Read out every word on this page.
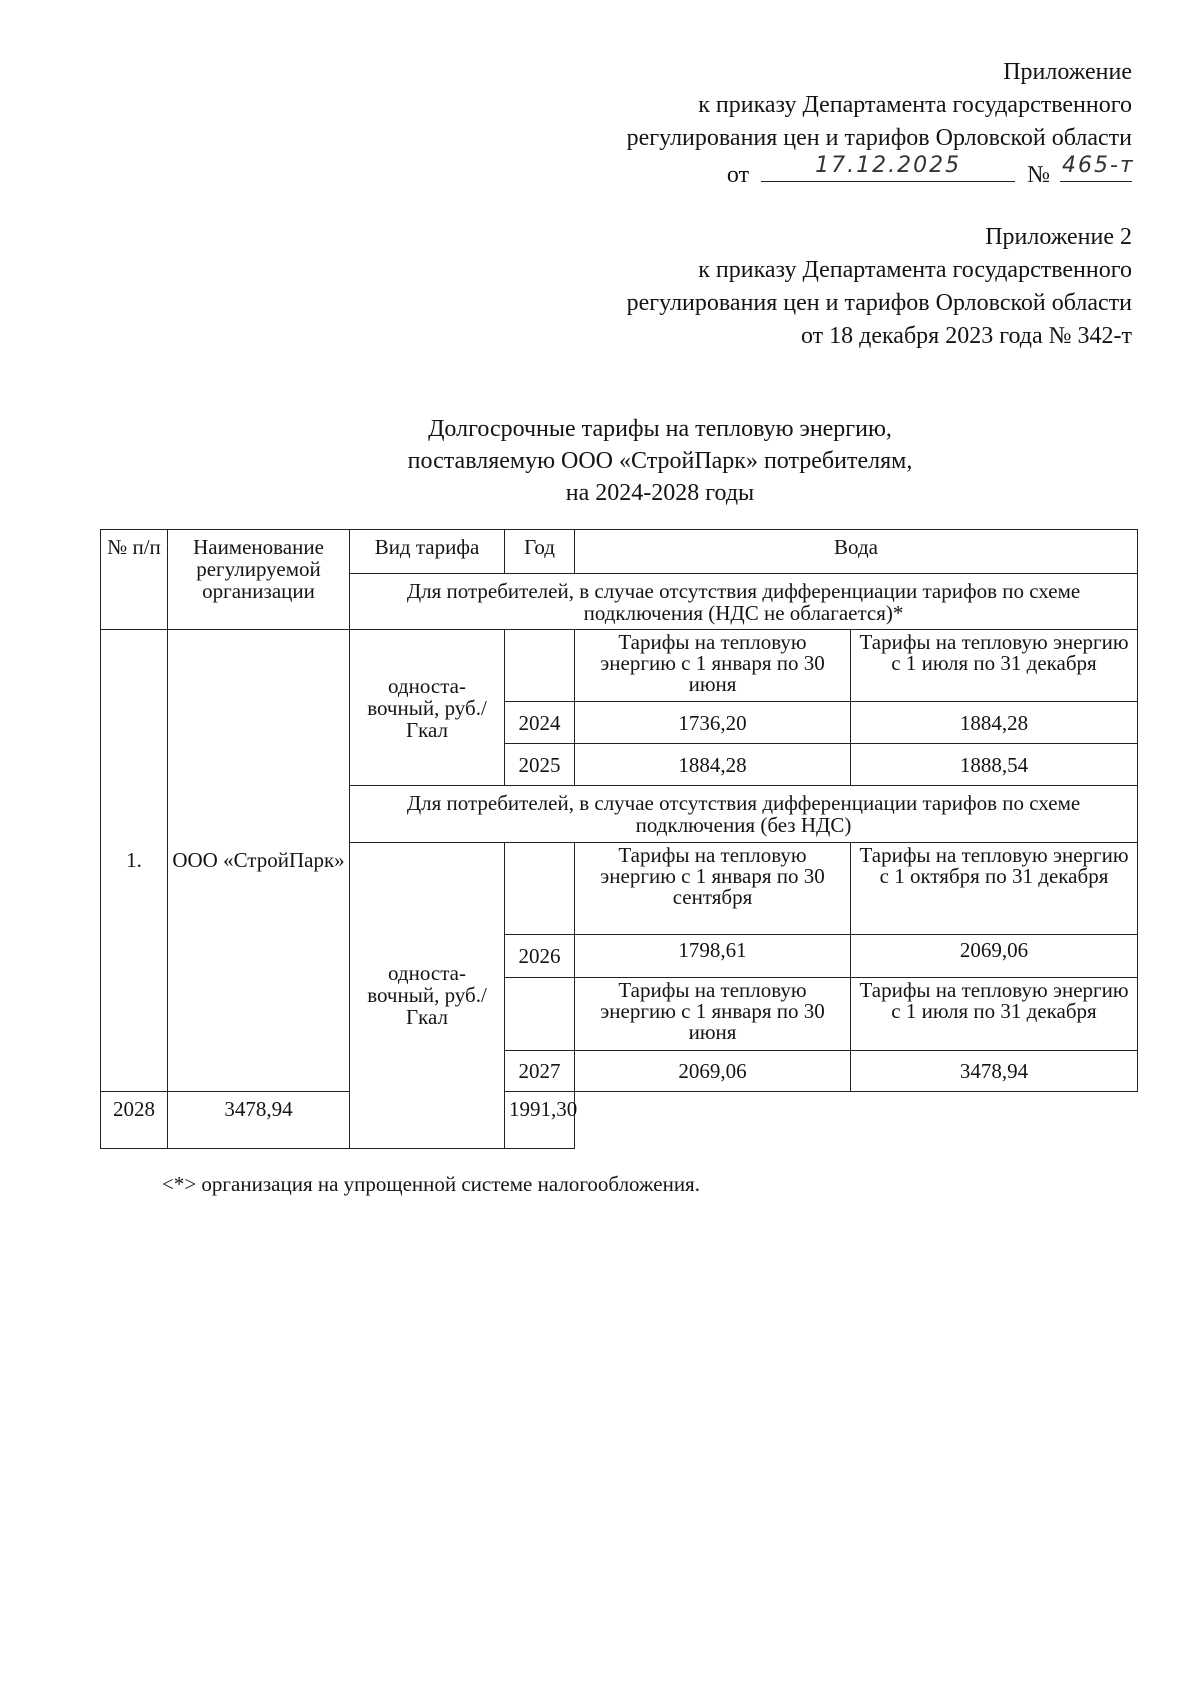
Приложение
к приказу Департамента государственного
регулирования цен и тарифов Орловской области
от	17.12.2025	№ 465-т
Приложение 2
к приказу Департамента государственного
регулирования цен и тарифов Орловской области
от 18 декабря 2023 года № 342-т
Долгосрочные тарифы на тепловую энергию,
поставляемую ООО «СтройПарк» потребителям,
на 2024-2028 годы
№ п/п	Наименование регулируемой организации	Вид тарифа	Год	Вода	
		Для потребителей, в случае отсутствия дифференциации тарифов по схеме подключения (НДС не облагается)*			
1.	ООО «СтройПарк»	односта-вочный, руб./Гкал		Тарифы на тепловую энергию с 1 января по 30 июня	Тарифы на тепловую энергию с 1 июля по 31 декабря
			2024	1736,20	1884,28
			2025	1884,28	1888,54
		Для потребителей, в случае отсутствия дифференциации тарифов по схеме подключения (без НДС)			
		односта-вочный, руб./Гкал		Тарифы на тепловую энергию с 1 января по 30 сентября	Тарифы на тепловую энергию с 1 октября по 31 декабря
			2026	1798,61	2069,06
				Тарифы на тепловую энергию с 1 января по 30 июня	Тарифы на тепловую энергию с 1 июля по 31 декабря
			2027	2069,06	3478,94
2028	3478,94		1991,30		
<*> организация на упрощенной системе налогообложения.
